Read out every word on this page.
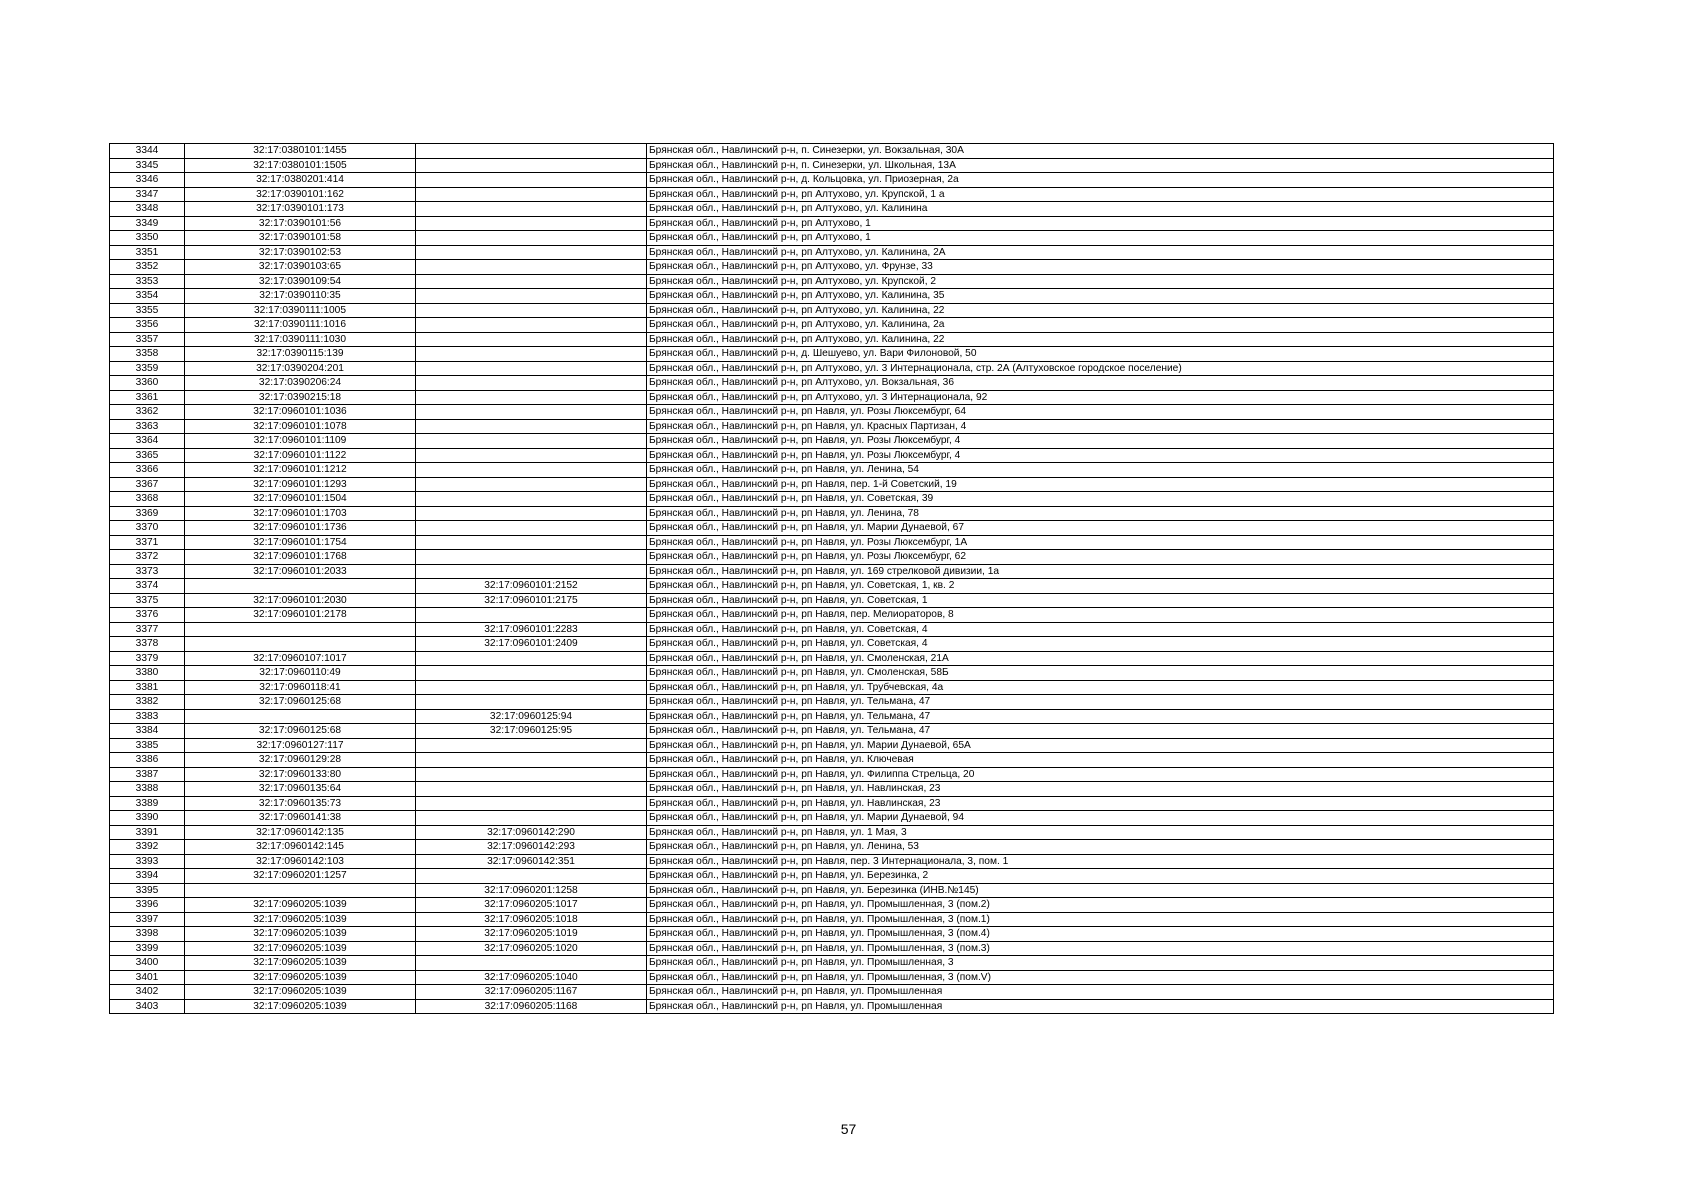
3344	32:17:0380101:1455		Брянская обл., Навлинский р-н, п. Синезерки, ул. Вокзальная, 30А
3345	32:17:0380101:1505		Брянская обл., Навлинский р-н, п. Синезерки, ул. Школьная, 13А
3346	32:17:0380201:414		Брянская обл., Навлинский р-н, д. Кольцовка, ул. Приозерная, 2а
3347	32:17:0390101:162		Брянская обл., Навлинский р-н, рп Алтухово, ул. Крупской, 1 а
3348	32:17:0390101:173		Брянская обл., Навлинский р-н, рп Алтухово, ул. Калинина
3349	32:17:0390101:56		Брянская обл., Навлинский р-н, рп Алтухово, 1
3350	32:17:0390101:58		Брянская обл., Навлинский р-н, рп Алтухово, 1
3351	32:17:0390102:53		Брянская обл., Навлинский р-н, рп Алтухово, ул. Калинина, 2А
3352	32:17:0390103:65		Брянская обл., Навлинский р-н, рп Алтухово, ул. Фрунзе, 33
3353	32:17:0390109:54		Брянская обл., Навлинский р-н, рп Алтухово, ул. Крупской, 2
3354	32:17:0390110:35		Брянская обл., Навлинский р-н, рп Алтухово, ул. Калинина, 35
3355	32:17:0390111:1005		Брянская обл., Навлинский р-н, рп Алтухово, ул. Калинина, 22
3356	32:17:0390111:1016		Брянская обл., Навлинский р-н, рп Алтухово, ул. Калинина, 2а
3357	32:17:0390111:1030		Брянская обл., Навлинский р-н, рп Алтухово, ул. Калинина, 22
3358	32:17:0390115:139		Брянская обл., Навлинский р-н, д. Шешуево, ул. Вари Филоновой, 50
3359	32:17:0390204:201		Брянская обл., Навлинский р-н, рп Алтухово, ул. 3 Интернационала, стр. 2А (Алтуховское городское поселение)
3360	32:17:0390206:24		Брянская обл., Навлинский р-н, рп Алтухово, ул. Вокзальная, 36
3361	32:17:0390215:18		Брянская обл., Навлинский р-н, рп Алтухово, ул. 3 Интернационала, 92
3362	32:17:0960101:1036		Брянская обл., Навлинский р-н, рп Навля, ул. Розы Люксембург, 64
3363	32:17:0960101:1078		Брянская обл., Навлинский р-н, рп Навля, ул. Красных Партизан, 4
3364	32:17:0960101:1109		Брянская обл., Навлинский р-н, рп Навля, ул. Розы Люксембург, 4
3365	32:17:0960101:1122		Брянская обл., Навлинский р-н, рп Навля, ул. Розы Люксембург, 4
3366	32:17:0960101:1212		Брянская обл., Навлинский р-н, рп Навля, ул. Ленина, 54
3367	32:17:0960101:1293		Брянская обл., Навлинский р-н, рп Навля, пер. 1-й Советский, 19
3368	32:17:0960101:1504		Брянская обл., Навлинский р-н, рп Навля, ул. Советская, 39
3369	32:17:0960101:1703		Брянская обл., Навлинский р-н, рп Навля, ул. Ленина, 78
3370	32:17:0960101:1736		Брянская обл., Навлинский р-н, рп Навля, ул. Марии Дунаевой, 67
3371	32:17:0960101:1754		Брянская обл., Навлинский р-н, рп Навля, ул. Розы Люксембург, 1А
3372	32:17:0960101:1768		Брянская обл., Навлинский р-н, рп Навля, ул. Розы Люксембург, 62
3373	32:17:0960101:2033		Брянская обл., Навлинский р-н, рп Навля, ул. 169 стрелковой дивизии, 1а
3374		32:17:0960101:2152	Брянская обл., Навлинский р-н, рп Навля, ул. Советская, 1, кв. 2
3375	32:17:0960101:2030	32:17:0960101:2175	Брянская обл., Навлинский р-н, рп Навля, ул. Советская, 1
3376	32:17:0960101:2178		Брянская обл., Навлинский р-н, рп Навля, пер. Мелиораторов, 8
3377		32:17:0960101:2283	Брянская обл., Навлинский р-н, рп Навля, ул. Советская, 4
3378		32:17:0960101:2409	Брянская обл., Навлинский р-н, рп Навля, ул. Советская, 4
3379	32:17:0960107:1017		Брянская обл., Навлинский р-н, рп Навля, ул. Смоленская, 21А
3380	32:17:0960110:49		Брянская обл., Навлинский р-н, рп Навля, ул. Смоленская, 58Б
3381	32:17:0960118:41		Брянская обл., Навлинский р-н, рп Навля, ул. Трубчевская, 4а
3382	32:17:0960125:68		Брянская обл., Навлинский р-н, рп Навля, ул. Тельмана, 47
3383		32:17:0960125:94	Брянская обл., Навлинский р-н, рп Навля, ул. Тельмана, 47
3384	32:17:0960125:68	32:17:0960125:95	Брянская обл., Навлинский р-н, рп Навля, ул. Тельмана, 47
3385	32:17:0960127:117		Брянская обл., Навлинский р-н, рп Навля, ул. Марии Дунаевой, 65А
3386	32:17:0960129:28		Брянская обл., Навлинский р-н, рп Навля, ул. Ключевая
3387	32:17:0960133:80		Брянская обл., Навлинский р-н, рп Навля, ул. Филиппа Стрельца, 20
3388	32:17:0960135:64		Брянская обл., Навлинский р-н, рп Навля, ул. Навлинская, 23
3389	32:17:0960135:73		Брянская обл., Навлинский р-н, рп Навля, ул. Навлинская, 23
3390	32:17:0960141:38		Брянская обл., Навлинский р-н, рп Навля, ул. Марии Дунаевой, 94
3391	32:17:0960142:135	32:17:0960142:290	Брянская обл., Навлинский р-н, рп Навля, ул. 1 Мая, 3
3392	32:17:0960142:145	32:17:0960142:293	Брянская обл., Навлинский р-н, рп Навля, ул. Ленина, 53
3393	32:17:0960142:103	32:17:0960142:351	Брянская обл., Навлинский р-н, рп Навля, пер. 3 Интернационала, 3, пом. 1
3394	32:17:0960201:1257		Брянская обл., Навлинский р-н, рп Навля, ул. Березинка, 2
3395		32:17:0960201:1258	Брянская обл., Навлинский р-н, рп Навля, ул. Березинка (ИНВ.№145)
3396	32:17:0960205:1039	32:17:0960205:1017	Брянская обл., Навлинский р-н, рп Навля, ул. Промышленная, 3 (пом.2)
3397	32:17:0960205:1039	32:17:0960205:1018	Брянская обл., Навлинский р-н, рп Навля, ул. Промышленная, 3 (пом.1)
3398	32:17:0960205:1039	32:17:0960205:1019	Брянская обл., Навлинский р-н, рп Навля, ул. Промышленная, 3 (пом.4)
3399	32:17:0960205:1039	32:17:0960205:1020	Брянская обл., Навлинский р-н, рп Навля, ул. Промышленная, 3 (пом.3)
3400	32:17:0960205:1039		Брянская обл., Навлинский р-н, рп Навля, ул. Промышленная, 3
3401	32:17:0960205:1039	32:17:0960205:1040	Брянская обл., Навлинский р-н, рп Навля, ул. Промышленная, 3 (пом.V)
3402	32:17:0960205:1039	32:17:0960205:1167	Брянская обл., Навлинский р-н, рп Навля, ул. Промышленная
3403	32:17:0960205:1039	32:17:0960205:1168	Брянская обл., Навлинский р-н, рп Навля, ул. Промышленная
57
